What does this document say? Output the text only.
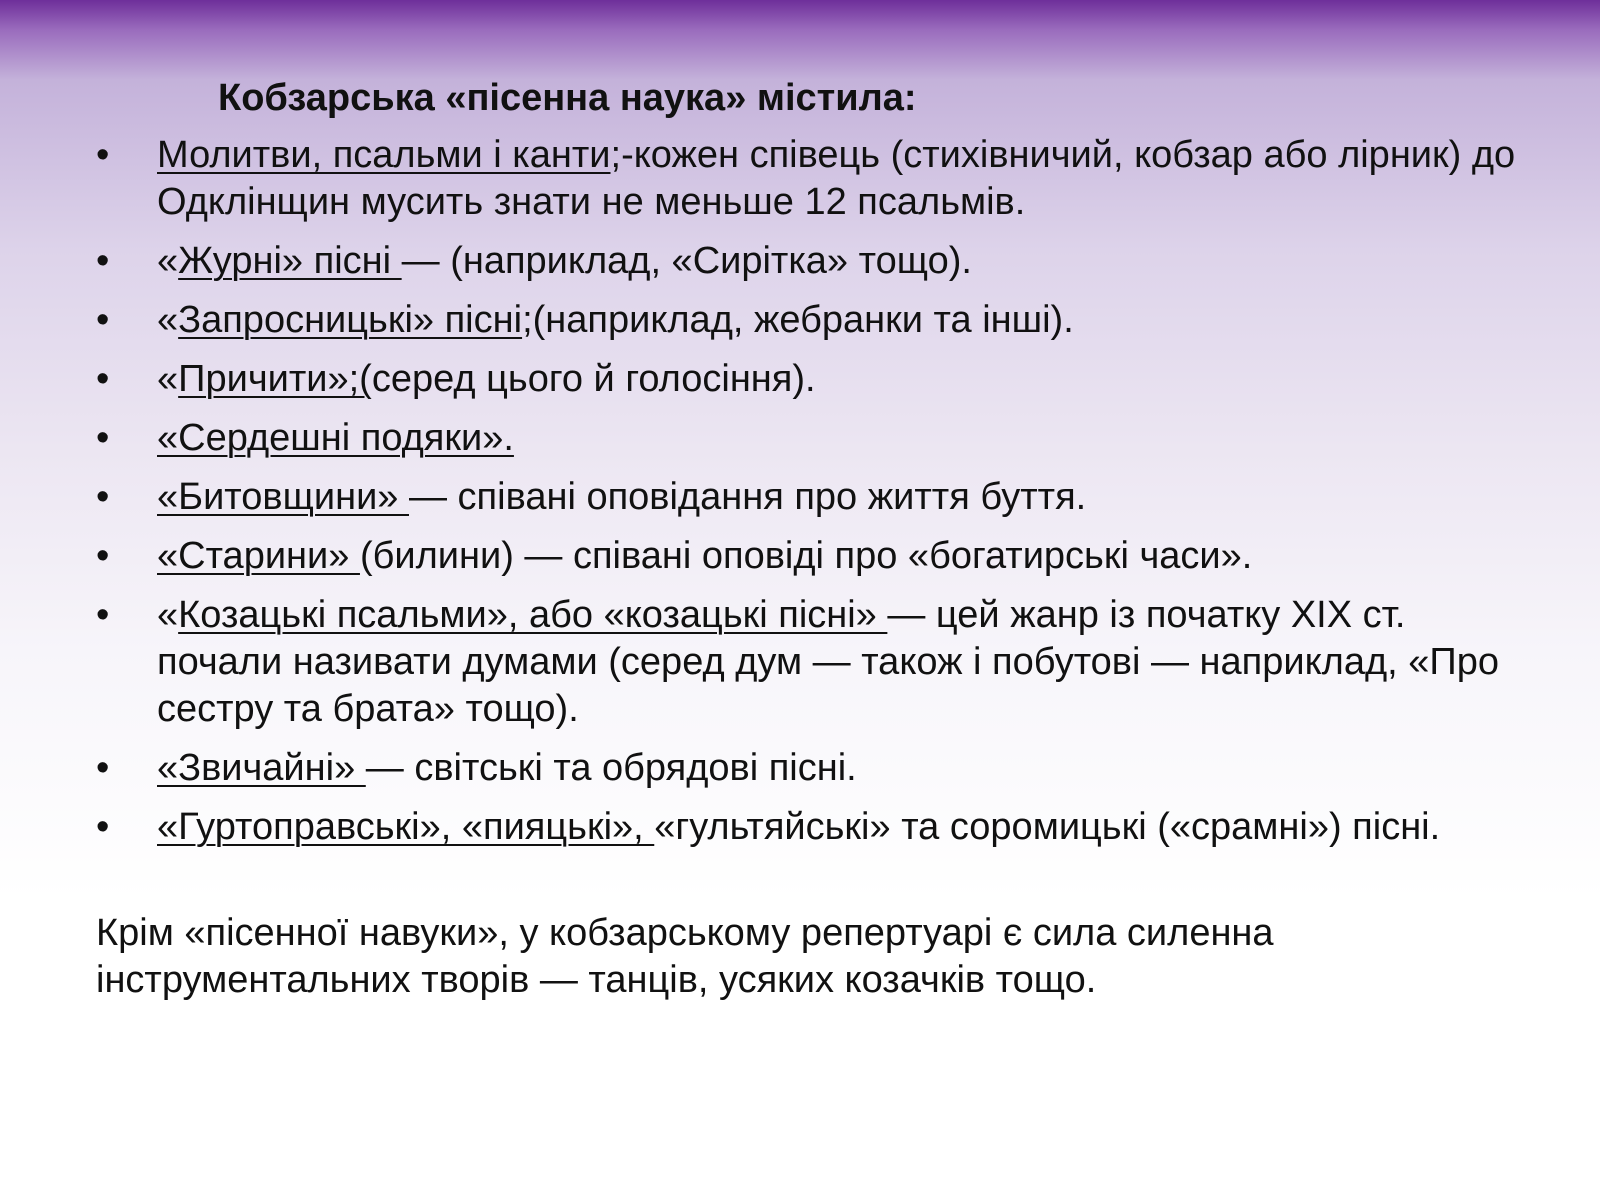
Кобзарська «пісенна наука» містила:
• Молитви, псальми і канти;-кожен співець (стихівничий, кобзар або лірник) до Одклінщин мусить знати не меньше 12 псальмів.
• «Журні» пісні — (наприклад, «Сирітка» тощо).
• «Запросницькі» пісні;(наприклад, жебранки та інші).
• «Причити»;(серед цього й голосіння).
• «Сердешні подяки».
• «Битовщини» — співані оповідання про життя буття.
• «Старини» (билини) — співані оповіді про «богатирські часи».
• «Козацькі псальми», або «козацькі пісні» — цей жанр із початку XIX ст. почали називати думами (серед дум — також і побутові — наприклад, «Про сестру та брата» тощо).
• «Звичайні» — світські та обрядові пісні.
• «Гуртоправські», «пияцькі», «гультяйські» та соромицькі («срамні») пісні.

Крім «пісенної навуки», у кобзарському репертуарі є сила силенна інструментальних творів — танців, усяких козачків тощо.
